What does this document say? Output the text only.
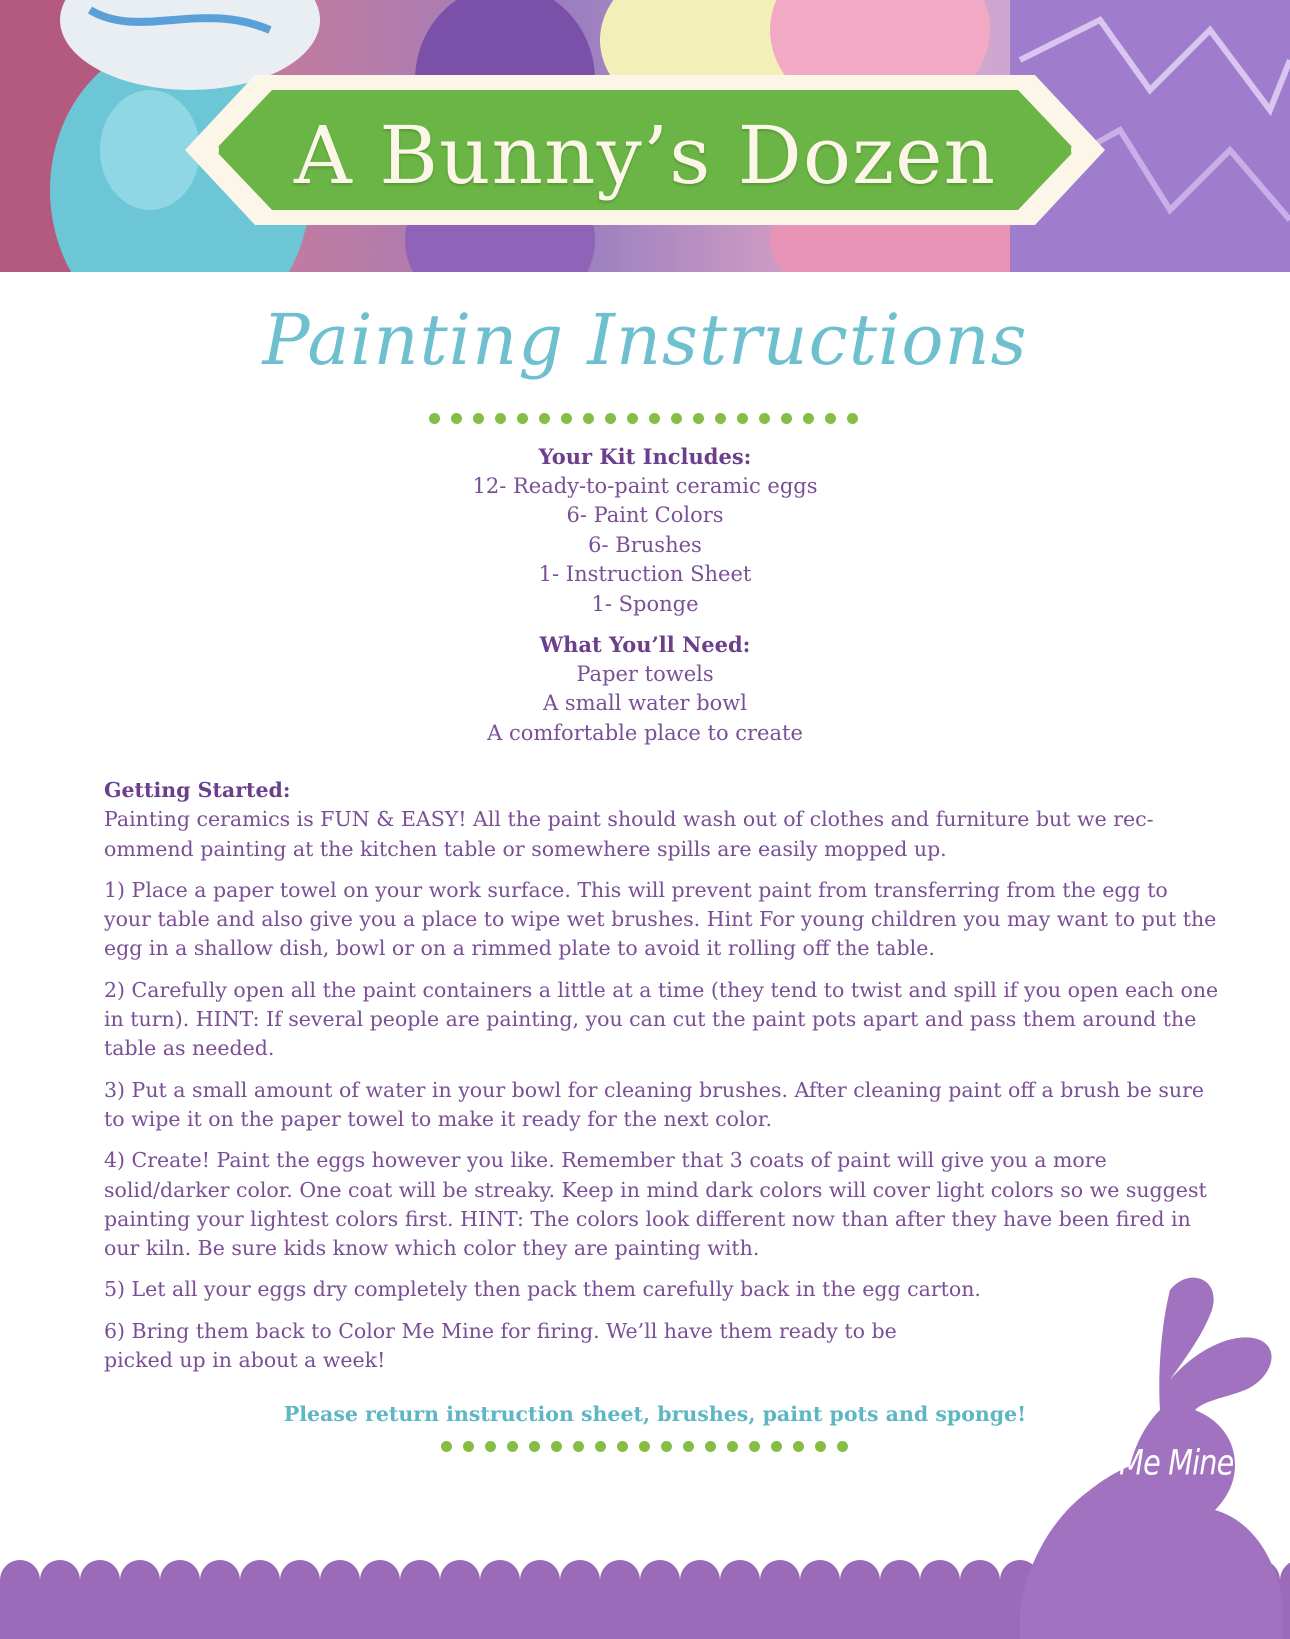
A Bunny’s Dozen
Painting Instructions
Your Kit Includes:
12- Ready-to-paint ceramic eggs
6- Paint Colors
6- Brushes
1- Instruction Sheet
1- Sponge
What You’ll Need:
Paper towels
A small water bowl
A comfortable place to create

Getting Started:
Painting ceramics is FUN & EASY! All the paint should wash out of clothes and furniture but we rec-ommend painting at the kitchen table or somewhere spills are easily mopped up.

1) Place a paper towel on your work surface. This will prevent paint from transferring from the egg to your table and also give you a place to wipe wet brushes. Hint For young children you may want to put the egg in a shallow dish, bowl or on a rimmed plate to avoid it rolling off the table.

2) Carefully open all the paint containers a little at a time (they tend to twist and spill if you open each one in turn). HINT: If several people are painting, you can cut the paint pots apart and pass them around the table as needed.

3) Put a small amount of water in your bowl for cleaning brushes. After cleaning paint off a brush be sure to wipe it on the paper towel to make it ready for the next color.

4) Create! Paint the eggs however you like. Remember that 3 coats of paint will give you a more solid/darker color. One coat will be streaky. Keep in mind dark colors will cover light colors so we suggest painting your lightest colors first. HINT: The colors look different now than after they have been fired in our kiln. Be sure kids know which color they are painting with.

5) Let all your eggs dry completely then pack them carefully back in the egg carton.

6) Bring them back to Color Me Mine for firing. We’ll have them ready to be picked up in about a week!

Please return instruction sheet, brushes, paint pots and sponge!
Color Me Mine®
